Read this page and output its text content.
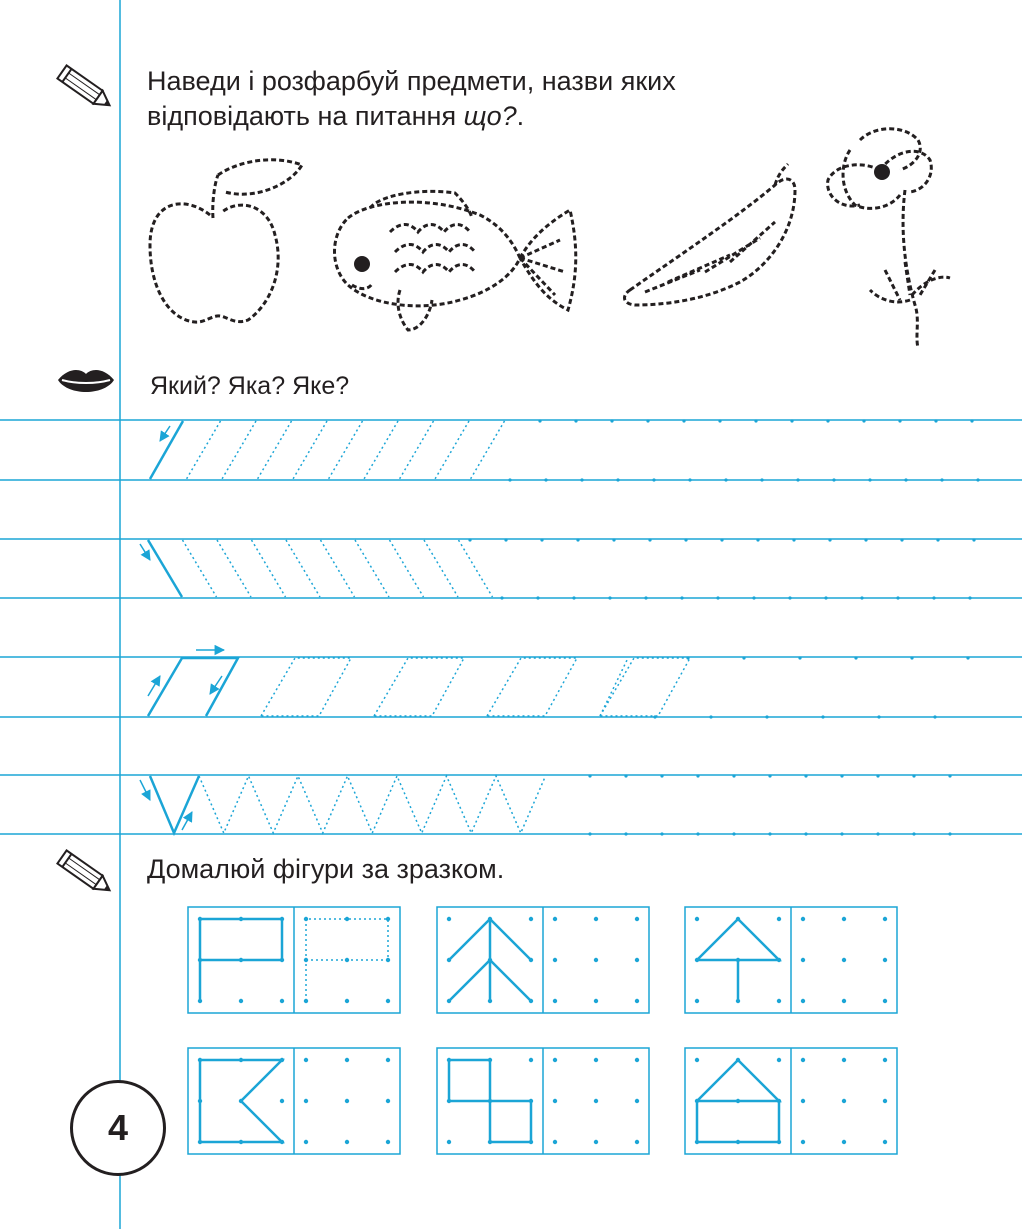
Наведи і розфарбуй предмети, назви яких
відповідають на питання що?.
Який? Яка? Яке?
Домалюй фігури за зразком.
4
